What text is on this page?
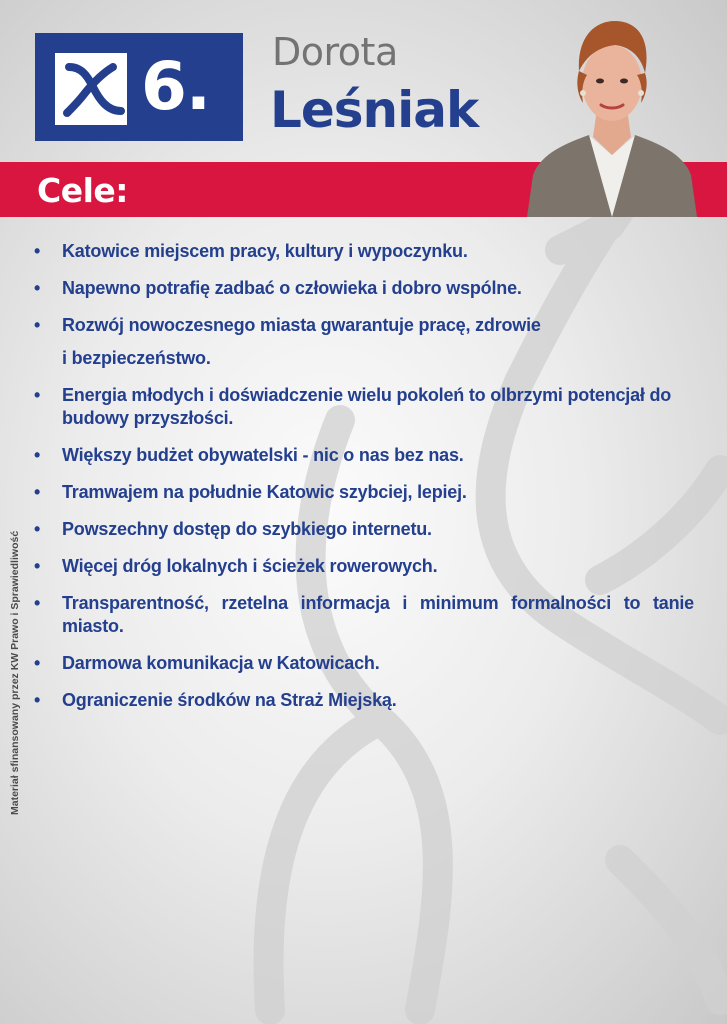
6. Dorota
Leśniak
Cele:
•	Katowice miejscem pracy, kultury i wypoczynku.
•	Napewno potrafię zadbać o człowieka i dobro wspólne.
•	Rozwój nowoczesnego miasta gwarantuje pracę, zdrowie
i bezpieczeństwo.
•	Energia młodych i doświadczenie wielu pokoleń to olbrzymi potencjał do budowy przyszłości.
•	Większy budżet obywatelski - nic o nas bez nas.
•	Tramwajem na południe Katowic szybciej, lepiej.
•	Powszechny dostęp do szybkiego internetu.
•	Więcej dróg lokalnych i ścieżek rowerowych.
•	Transparentność, rzetelna informacja i minimum formalności to tanie miasto.
•	Darmowa komunikacja w Katowicach.
•	Ograniczenie środków na Straż Miejską.
Materiał sfinansowany przez KW Prawo i Sprawiedliwość
